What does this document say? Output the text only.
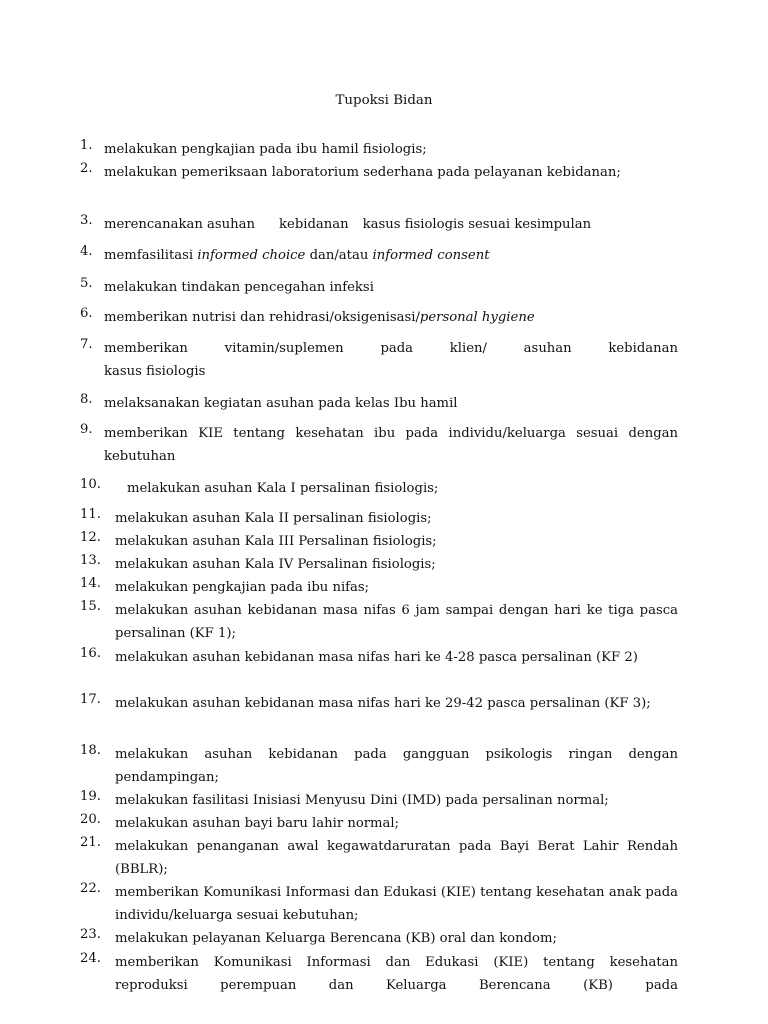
Tupoksi Bidan
1. melakukan pengkajian pada ibu hamil fisiologis;
2. melakukan pemeriksaan laboratorium sederhana pada pelayanan kebidanan;
3. merencanakan asuhan kebidanan kasus fisiologis sesuai kesimpulan
4. memfasilitasi informed choice dan/atau informed consent
5. melakukan tindakan pencegahan infeksi
6. memberikan nutrisi dan rehidrasi/oksigenisasi/personal hygiene
7. memberikan vitamin/suplemen	pada klien/ asuhan kebidanan
kasus fisiologis
8. melaksanakan kegiatan asuhan pada kelas Ibu hamil
9. memberikan KIE tentang kesehatan ibu pada individu/keluarga sesuai dengan kebutuhan
10. melakukan asuhan Kala I persalinan fisiologis;
11. melakukan asuhan Kala II persalinan fisiologis;
12. melakukan asuhan Kala III Persalinan fisiologis;
13. melakukan asuhan Kala IV Persalinan fisiologis;
14. melakukan pengkajian pada ibu nifas;
15. melakukan asuhan kebidanan masa nifas 6 jam sampai dengan hari ke tiga pasca persalinan (KF 1);
16. melakukan asuhan kebidanan masa nifas hari ke 4-28 pasca persalinan (KF 2)
17. melakukan asuhan kebidanan masa nifas hari ke 29-42 pasca persalinan (KF 3);
18. melakukan asuhan kebidanan pada gangguan psikologis ringan dengan pendampingan;
19. melakukan fasilitasi Inisiasi Menyusu Dini (IMD) pada persalinan normal;
20. melakukan asuhan bayi baru lahir normal;
21. melakukan penanganan awal kegawatdaruratan pada Bayi Berat Lahir Rendah (BBLR);
22. memberikan Komunikasi Informasi dan Edukasi (KIE) tentang kesehatan anak pada individu/keluarga sesuai kebutuhan;
23. melakukan pelayanan Keluarga Berencana (KB) oral dan kondom;
24. memberikan Komunikasi Informasi dan Edukasi (KIE) tentang kesehatan reproduksi perempuan dan Keluarga Berencana (KB) pada
